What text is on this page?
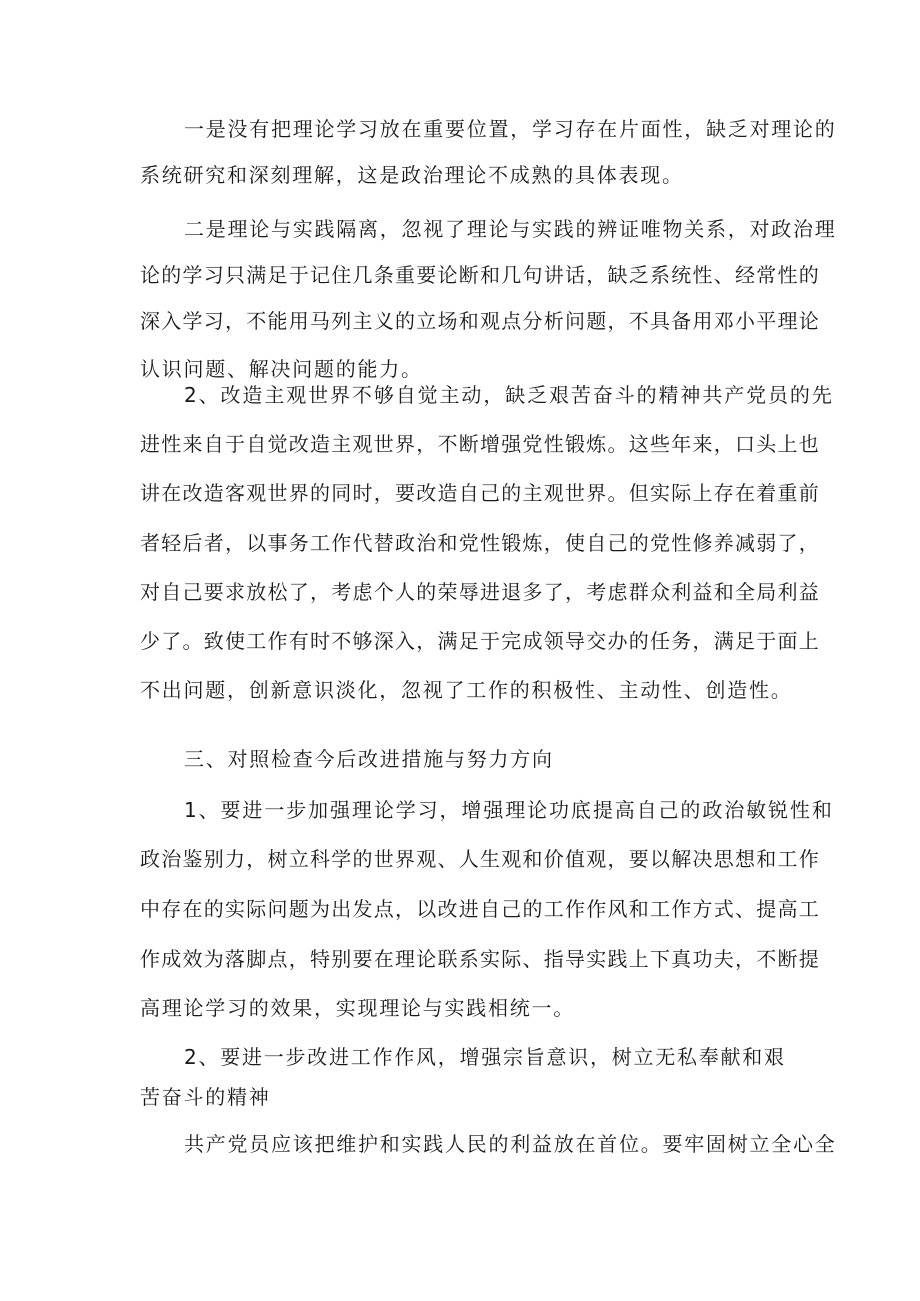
一是没有把理论学习放在重要位置，学习存在片面性，缺乏对理论的
系统研究和深刻理解，这是政治理论不成熟的具体表现。
二是理论与实践隔离，忽视了理论与实践的辨证唯物关系，对政治理
论的学习只满足于记住几条重要论断和几句讲话，缺乏系统性、经常性的
深入学习，不能用马列主义的立场和观点分析问题，不具备用邓小平理论
认识问题、解决问题的能力。
2、改造主观世界不够自觉主动，缺乏艰苦奋斗的精神共产党员的先
进性来自于自觉改造主观世界，不断增强党性锻炼。这些年来，口头上也
讲在改造客观世界的同时，要改造自己的主观世界。但实际上存在着重前
者轻后者，以事务工作代替政治和党性锻炼，使自己的党性修养减弱了，
对自己要求放松了，考虑个人的荣辱进退多了，考虑群众利益和全局利益
少了。致使工作有时不够深入，满足于完成领导交办的任务，满足于面上
不出问题，创新意识淡化，忽视了工作的积极性、主动性、创造性。
三、对照检查今后改进措施与努力方向
1、要进一步加强理论学习，增强理论功底提高自己的政治敏锐性和
政治鉴别力，树立科学的世界观、人生观和价值观，要以解决思想和工作
中存在的实际问题为出发点，以改进自己的工作作风和工作方式、提高工
作成效为落脚点，特别要在理论联系实际、指导实践上下真功夫，不断提
高理论学习的效果，实现理论与实践相统一。
2、要进一步改进工作作风，增强宗旨意识，树立无私奉献和艰
苦奋斗的精神
共产党员应该把维护和实践人民的利益放在首位。要牢固树立全心全
